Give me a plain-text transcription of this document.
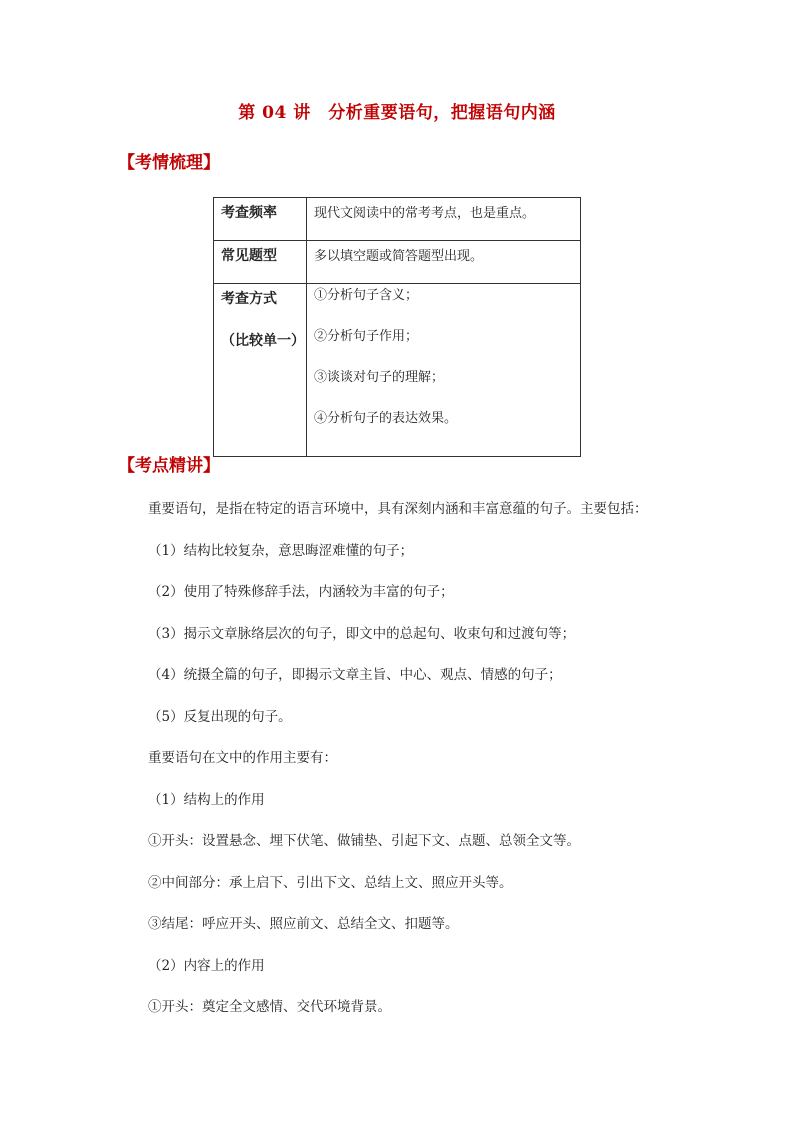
第 04 讲　分析重要语句，把握语句内涵
【考情梳理】
考查频率	现代文阅读中的常考考点，也是重点。
常见题型	多以填空题或简答题型出现。
考查方式
（比较单一）	①分析句子含义；
②分析句子作用；
③谈谈对句子的理解；
④分析句子的表达效果。
【考点精讲】
重要语句，是指在特定的语言环境中，具有深刻内涵和丰富意蕴的句子。主要包括：
（1）结构比较复杂，意思晦涩难懂的句子；
（2）使用了特殊修辞手法，内涵较为丰富的句子；
（3）揭示文章脉络层次的句子，即文中的总起句、收束句和过渡句等；
（4）统摄全篇的句子，即揭示文章主旨、中心、观点、情感的句子；
（5）反复出现的句子。
重要语句在文中的作用主要有：
（1）结构上的作用
①开头：设置悬念、埋下伏笔、做铺垫、引起下文、点题、总领全文等。
②中间部分：承上启下、引出下文、总结上文、照应开头等。
③结尾：呼应开头、照应前文、总结全文、扣题等。
（2）内容上的作用
①开头：奠定全文感情、交代环境背景。
